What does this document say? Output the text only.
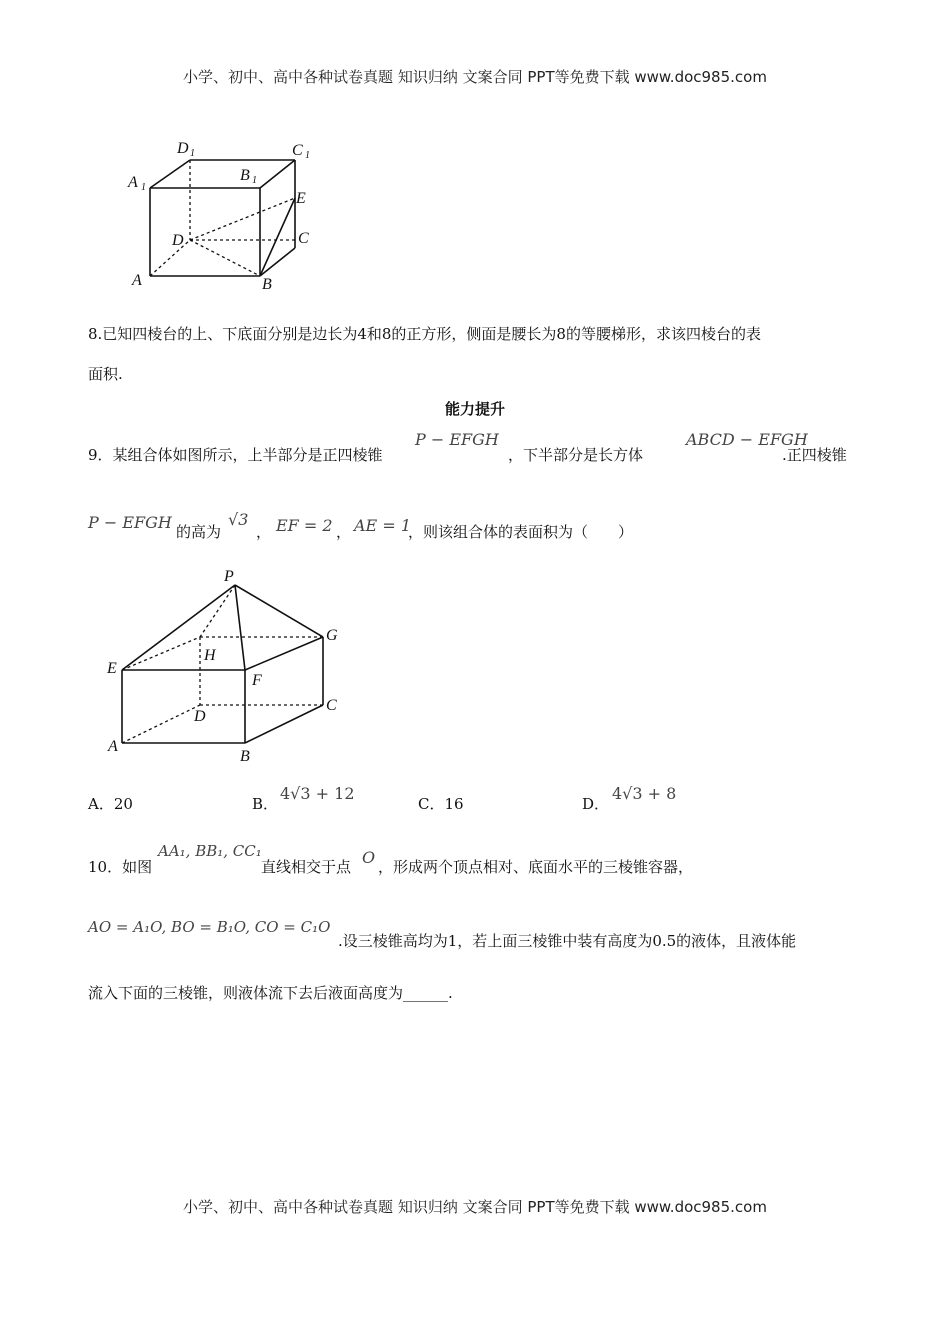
小学、初中、高中各种试卷真题 知识归纳 文案合同 PPT等免费下载 www.doc985.com
D 1	C 1
A 1
B 1
E
D	C
A	B
8.已知四棱台的上、下底面分别是边长为4和8的正方形，侧面是腰长为8的等腰梯形，求该四棱台的表
面积.
能力提升
9．某组合体如图所示，上半部分是正四棱锥
P − EFGH
，下半部分是长方体
ABCD − EFGH
.正四棱锥
P − EFGH 的高为
√3
， EF = 2 ， AE = 1
，则该组合体的表面积为（　　）
P
G
H
E
F
D
C
A
B
A．20	B．
4√3 + 12
C．16	D．
4√3 + 8
10．如图
AA₁, BB₁, CC₁
直线相交于点 O ，形成两个顶点相对、底面水平的三棱锥容器，
AO = A₁O, BO = B₁O, CO = C₁O
.设三棱锥高均为1，若上面三棱锥中装有高度为0.5的液体，且液体能
流入下面的三棱锥，则液体流下去后液面高度为______.
小学、初中、高中各种试卷真题 知识归纳 文案合同 PPT等免费下载 www.doc985.com
